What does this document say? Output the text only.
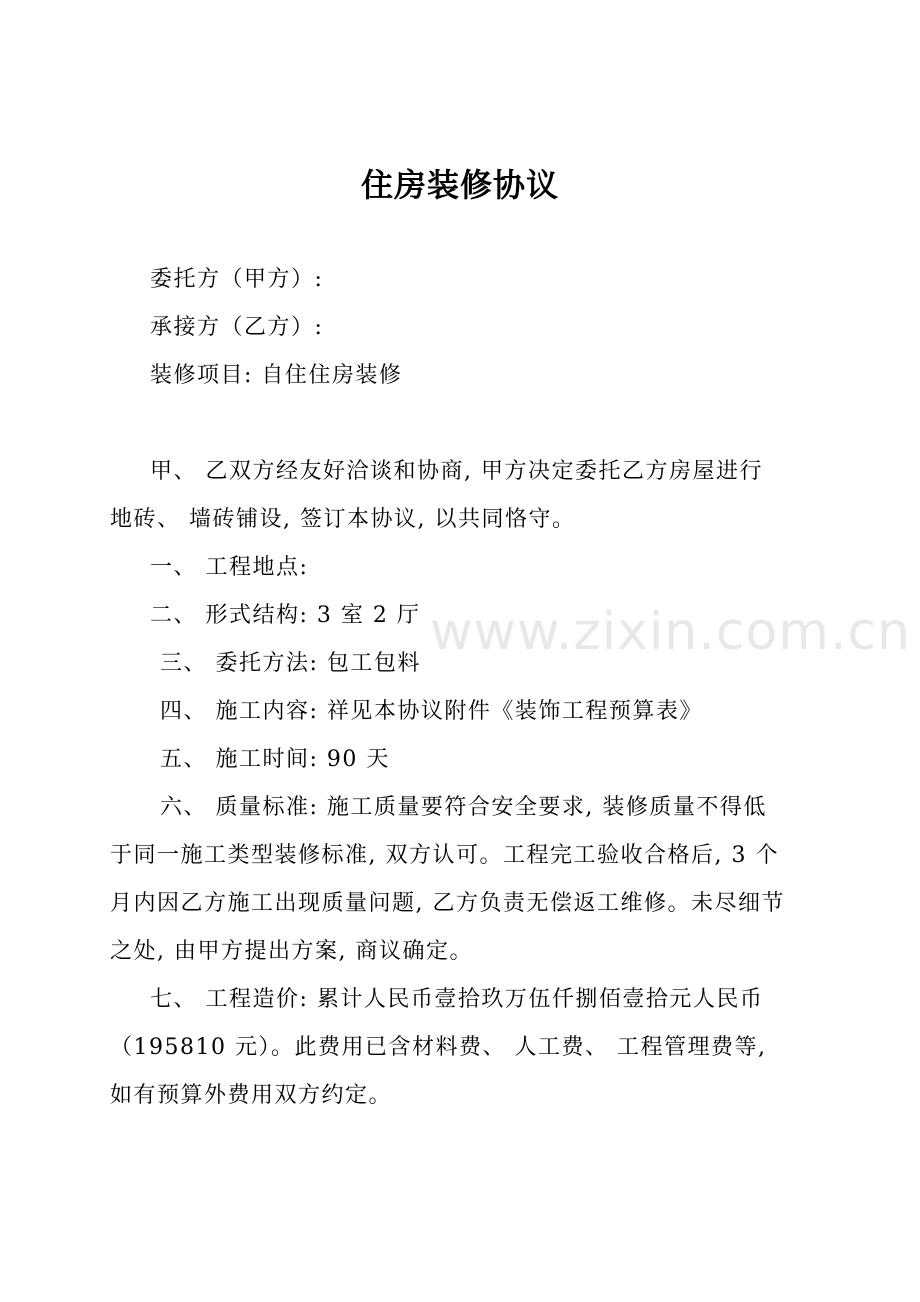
www.zixin.com.cn
住房装修协议
委托方（甲方）:
承接方（乙方）:
装修项目: 自住住房装修
甲、 乙双方经友好洽谈和协商, 甲方决定委托乙方房屋进行
地砖、 墙砖铺设, 签订本协议, 以共同恪守。
一、 工程地点:
二、 形式结构: 3 室 2 厅
三、 委托方法: 包工包料
四、 施工内容: 祥见本协议附件《装饰工程预算表》
五、 施工时间: 90 天
六、 质量标准: 施工质量要符合安全要求, 装修质量不得低
于同一施工类型装修标准, 双方认可。工程完工验收合格后, 3 个
月内因乙方施工出现质量问题, 乙方负责无偿返工维修。未尽细节
之处, 由甲方提出方案, 商议确定。
七、 工程造价: 累计人民币壹拾玖万伍仟捌佰壹拾元人民币
（195810 元）。此费用已含材料费、 人工费、 工程管理费等,
如有预算外费用双方约定。
